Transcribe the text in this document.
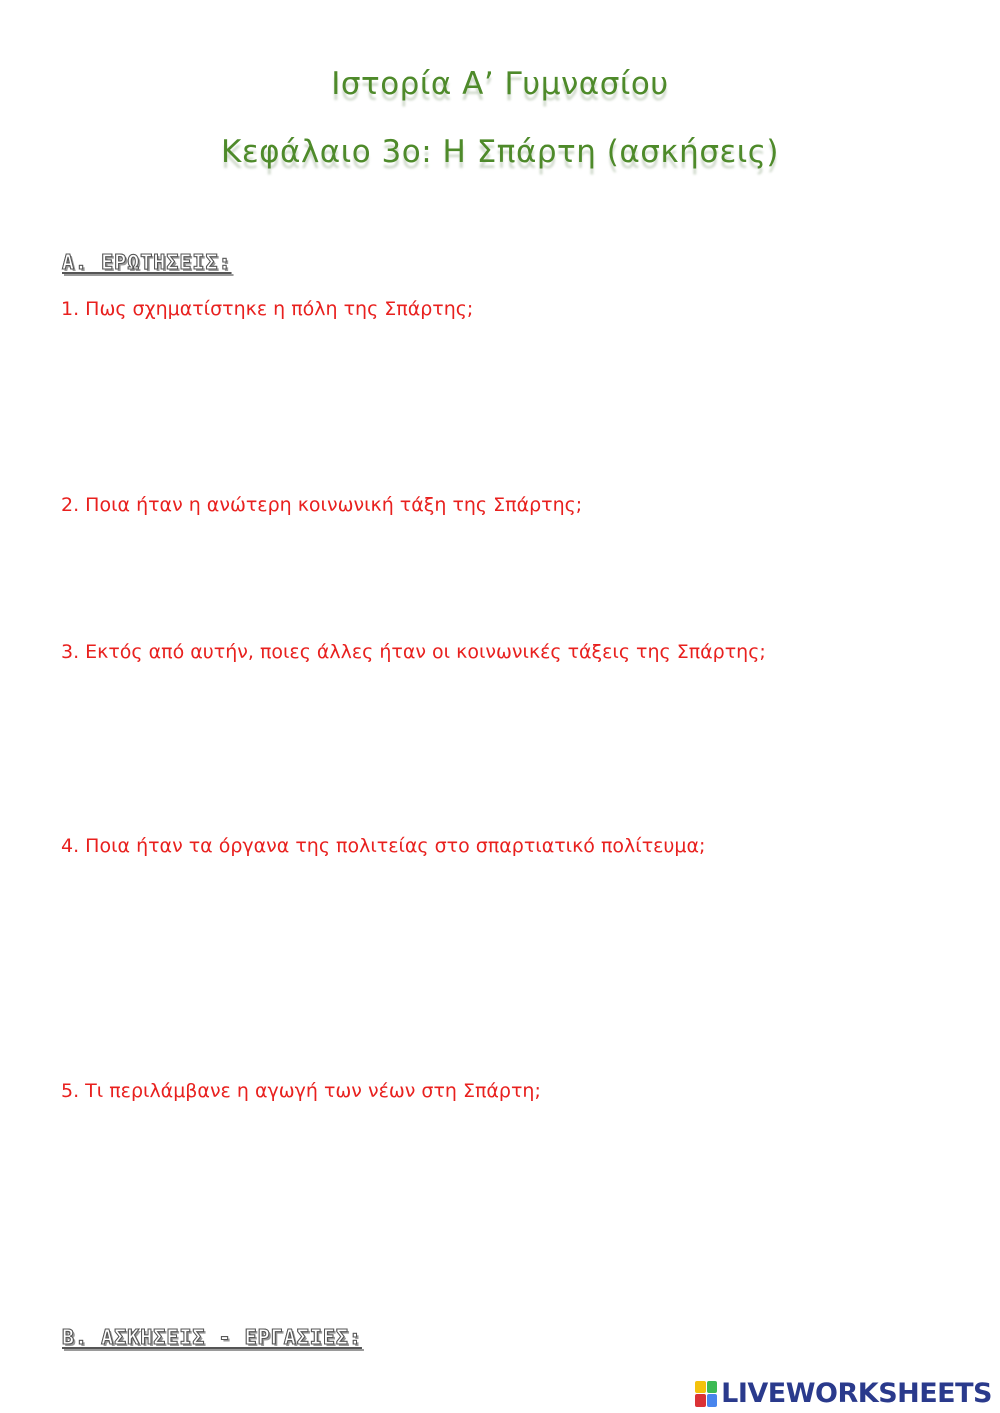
Ιστορία Α’ Γυμνασίου
Κεφάλαιο 3ο: Η Σπάρτη (ασκήσεις)
Α. ΕΡΩΤΗΣΕΙΣ:
1. Πως σχηματίστηκε η πόλη της Σπάρτης;
2. Ποια ήταν η ανώτερη κοινωνική τάξη της Σπάρτης;
3. Εκτός από αυτήν, ποιες άλλες ήταν οι κοινωνικές τάξεις της Σπάρτης;
4. Ποια ήταν τα όργανα της πολιτείας στο σπαρτιατικό πολίτευμα;
5. Τι περιλάμβανε η αγωγή των νέων στη Σπάρτη;
Β. ΑΣΚΗΣΕΙΣ - ΕΡΓΑΣΙΕΣ:
LIVEWORKSHEETS
